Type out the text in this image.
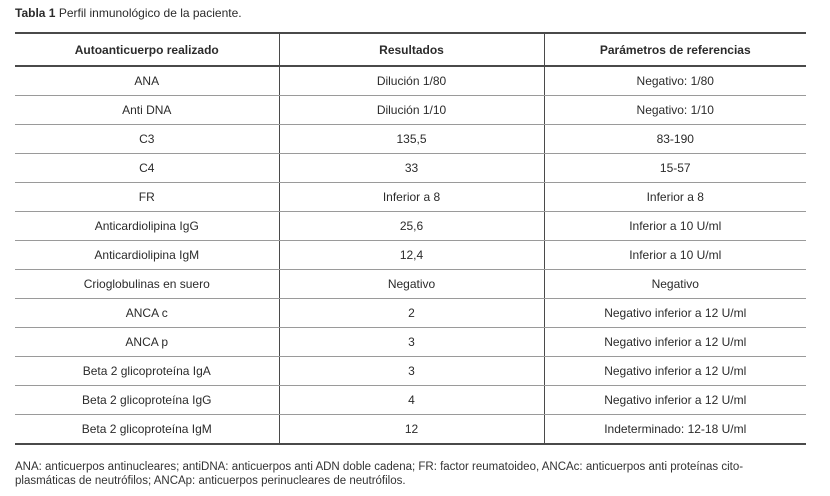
Tabla 1 Perfil inmunológico de la paciente.
Autoanticuerpo realizado	Resultados	Parámetros de referencias
ANA	Dilución 1/80	Negativo: 1/80
Anti DNA	Dilución 1/10	Negativo: 1/10
C3	135,5	83-190
C4	33	15-57
FR	Inferior a 8	Inferior a 8
Anticardiolipina IgG	25,6	Inferior a 10 U/ml
Anticardiolipina IgM	12,4	Inferior a 10 U/ml
Crioglobulinas en suero	Negativo	Negativo
ANCA c	2	Negativo inferior a 12 U/ml
ANCA p	3	Negativo inferior a 12 U/ml
Beta 2 glicoproteína IgA	3	Negativo inferior a 12 U/ml
Beta 2 glicoproteína IgG	4	Negativo inferior a 12 U/ml
Beta 2 glicoproteína IgM	12	Indeterminado: 12-18 U/ml
ANA: anticuerpos antinucleares; antiDNA: anticuerpos anti ADN doble cadena; FR: factor reumatoideo, ANCAc: anticuerpos anti proteínas cito-
plasmáticas de neutrófilos; ANCAp: anticuerpos perinucleares de neutrófilos.
